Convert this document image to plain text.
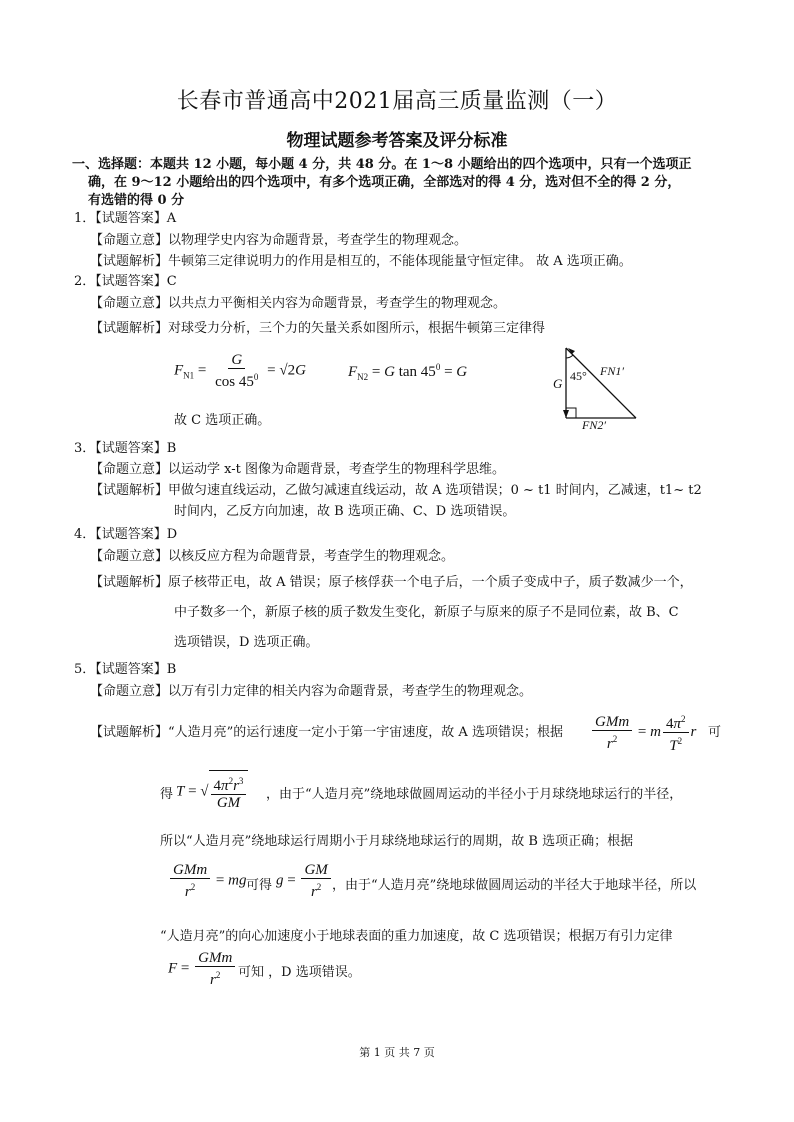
长春市普通高中2021届高三质量监测（一）
物理试题参考答案及评分标准
一、选择题：本题共 12 小题，每小题 4 分，共 48 分。在 1～8 小题给出的四个选项中，只有一个选项正
确，在 9～12 小题给出的四个选项中，有多个选项正确，全部选对的得 4 分，选对但不全的得 2 分，
有选错的得 0 分
1．【试题答案】A
【命题立意】以物理学史内容为命题背景，考查学生的物理观念。
【试题解析】牛顿第三定律说明力的作用是相互的，不能体现能量守恒定律。 故 A 选项正确。
2．【试题答案】C
【命题立意】以共点力平衡相关内容为命题背景，考查学生的物理观念。
【试题解析】对球受力分析，三个力的矢量关系如图所示，根据牛顿第三定律得
$F_{N1} = \frac{G}{\cos 45^0} = √2G$	$F_{N2} = G$ $\tan 45^0 = G$
故 C 选项正确。
G 45° FN1′
FN2′
3．【试题答案】B
【命题立意】以运动学 x-t 图像为命题背景，考查学生的物理科学思维。
【试题解析】甲做匀速直线运动，乙做匀减速直线运动，故 A 选项错误；0 ~ t1 时间内，乙减速，t1~ t2
时间内，乙反方向加速，故 B 选项正确、C、D 选项错误。
4．【试题答案】D
【命题立意】以核反应方程为命题背景，考查学生的物理观念。
【试题解析】原子核带正电，故 A 错误；原子核俘获一个电子后，一个质子变成中子，质子数减少一个，
中子数多一个，新原子核的质子数发生变化，新原子与原来的原子不是同位素，故 B、C
选项错误，D 选项正确。
5．【试题答案】B
【命题立意】以万有引力定律的相关内容为命题背景，考查学生的物理观念。
【试题解析】“人造月亮”的运行速度一定小于第一宇宙速度，故 A 选项错误；根据 $\frac{\text{GMm}}{r^2} = m \frac{4\pi^2}{T^2}$ r 可
得 T = √ $\frac{4\pi^2r^3}{GM}$ ，由于“人造月亮”绕地球做圆周运动的半径小于月球绕地球运行的半径，
所以“人造月亮”绕地球运行周期小于月球绕地球运行的周期，故 B 选项正确；根据
$\frac{\text{GMm}}{r^2}$ = mg 可得 $g = \frac{GM}{r^2}$ ，由于“人造月亮”绕地球做圆周运动的半径大于地球半径，所以
“人造月亮”的向心加速度小于地球表面的重力加速度，故 C 选项错误；根据万有引力定律
$F = \frac{\text{GMm}}{r^2}$ 可知 ，D 选项错误。
第 1 页 共 7 页
